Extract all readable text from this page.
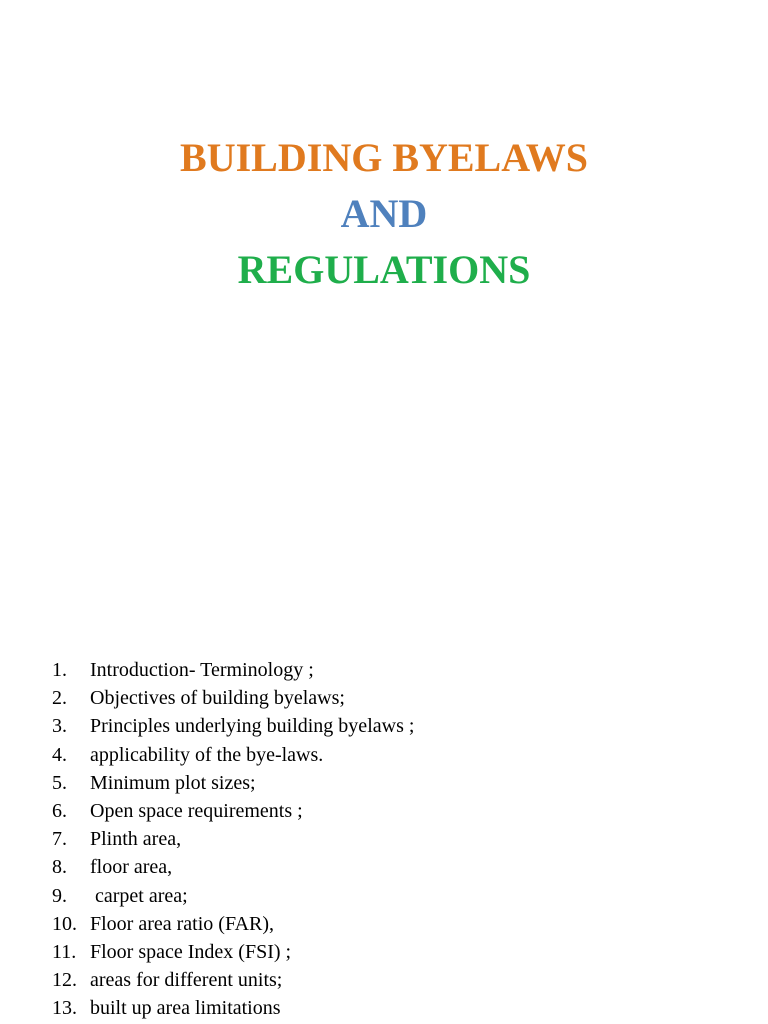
BUILDING BYELAWS
AND
REGULATIONS
1.	Introduction- Terminology ;
2.	Objectives of building byelaws;
3.	Principles underlying building byelaws ;
4.	applicability of the bye-laws.
5.	Minimum plot sizes;
6.	Open space requirements ;
7.	Plinth area,
8.	floor area,
9.	carpet area;
10. Floor area ratio (FAR),
11. Floor space Index (FSI) ;
12. areas for different units;
13. built up area limitations
